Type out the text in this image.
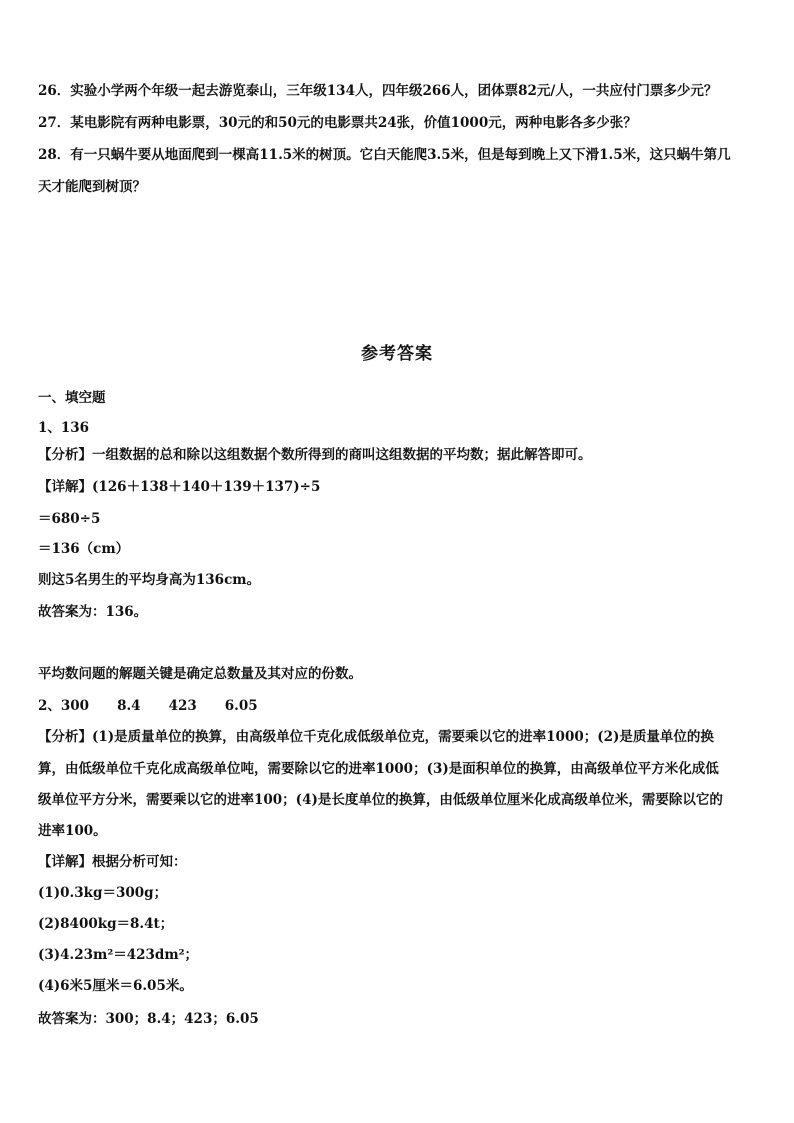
26．实验小学两个年级一起去游览泰山，三年级134人，四年级266人，团体票82元/人，一共应付门票多少元？
27．某电影院有两种电影票，30元的和50元的电影票共24张，价值1000元，两种电影各多少张？
28．有一只蜗牛要从地面爬到一棵高11.5米的树顶。它白天能爬3.5米，但是每到晚上又下滑1.5米，这只蜗牛第几
天才能爬到树顶？
参考答案
一、填空题
1、136
【分析】一组数据的总和除以这组数据个数所得到的商叫这组数据的平均数；据此解答即可。
【详解】(126＋138＋140＋139＋137)÷5
＝680÷5
＝136（cm）
则这5名男生的平均身高为136cm。
故答案为：136。
平均数问题的解题关键是确定总数量及其对应的份数。
2、300 8.4 423 6.05
【分析】(1)是质量单位的换算，由高级单位千克化成低级单位克，需要乘以它的进率1000；(2)是质量单位的换
算，由低级单位千克化成高级单位吨，需要除以它的进率1000；(3)是面积单位的换算，由高级单位平方米化成低
级单位平方分米，需要乘以它的进率100；(4)是长度单位的换算，由低级单位厘米化成高级单位米，需要除以它的
进率100。
【详解】根据分析可知：
(1)0.3kg＝300g；
(2)8400kg＝8.4t；
(3)4.23m²＝423dm²；
(4)6米5厘米＝6.05米。
故答案为：300；8.4；423；6.05
